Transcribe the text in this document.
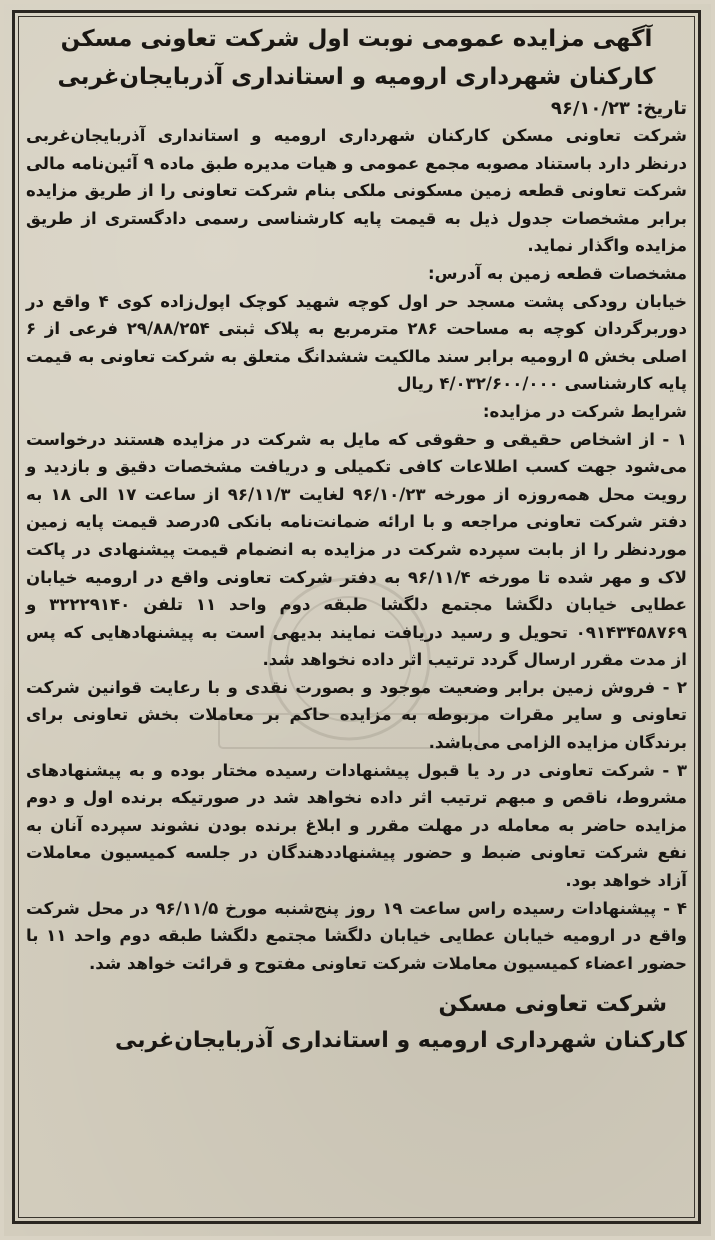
آگهی مزایده عمومی نوبت اول شرکت تعاونی مسکن

کارکنان شهرداری ارومیه و استانداری آذربایجان‌غربی

تاریخ: ۹۶/۱۰/۲۳

شرکت تعاونی مسکن کارکنان شهرداری ارومیه و استانداری آذربایجان‌غربی درنظر دارد باستناد مصوبه مجمع عمومی و هیات مدیره طبق ماده ۹ آئین‌نامه مالی شرکت تعاونی قطعه زمین مسکونی ملکی بنام شرکت تعاونی را از طریق مزایده برابر مشخصات جدول ذیل به قیمت پایه کارشناسی رسمی دادگستری از طریق مزایده واگذار نماید.

مشخصات قطعه زمین به آدرس:

خیابان رودکی پشت مسجد حر اول کوچه شهید کوچک اپول‌زاده کوی ۴ واقع در دوربرگردان کوچه به مساحت ۲۸۶ مترمربع به پلاک ثبتی ۲۹/۸۸/۲۵۴ فرعی از ۶ اصلی بخش ۵ ارومیه برابر سند مالکیت ششدانگ متعلق به شرکت تعاونی به قیمت پایه کارشناسی ۴/۰۳۲/۶۰۰/۰۰۰ ریال

شرایط شرکت در مزایده:

۱ - از اشخاص حقیقی و حقوقی که مایل به شرکت در مزایده هستند درخواست می‌شود جهت کسب اطلاعات کافی تکمیلی و دریافت مشخصات دقیق و بازدید و رویت محل همه‌روزه از مورخه ۹۶/۱۰/۲۳ لغایت ۹۶/۱۱/۳ از ساعت ۱۷ الی ۱۸ به دفتر شرکت تعاونی مراجعه و با ارائه ضمانت‌نامه بانکی ۵درصد قیمت پایه زمین موردنظر را از بابت سپرده شرکت در مزایده به انضمام قیمت پیشنهادی در پاکت لاک و مهر شده تا مورخه ۹۶/۱۱/۴ به دفتر شرکت تعاونی واقع در ارومیه خیابان عطایی خیابان دلگشا مجتمع دلگشا طبقه دوم واحد ۱۱ تلفن ۳۲۲۲۹۱۴۰ و ۰۹۱۴۳۴۵۸۷۶۹ تحویل و رسید دریافت نمایند بدیهی است به پیشنهادهایی که پس از مدت مقرر ارسال گردد ترتیب اثر داده نخواهد شد.

۲ - فروش زمین برابر وضعیت موجود و بصورت نقدی و با رعایت قوانین شرکت تعاونی و سایر مقرات مربوطه به مزایده حاکم بر معاملات بخش تعاونی برای برندگان مزایده الزامی می‌باشد.

۳ - شرکت تعاونی در رد یا قبول پیشنهادات رسیده مختار بوده و به پیشنهادهای مشروط، ناقص و مبهم ترتیب اثر داده نخواهد شد در صورتیکه برنده اول و دوم مزایده حاضر به معامله در مهلت مقرر و ابلاغ برنده بودن نشوند سپرده آنان به نفع شرکت تعاونی ضبط و حضور پیشنهاددهندگان در جلسه کمیسیون معاملات آزاد خواهد بود.

۴ - پیشنهادات رسیده راس ساعت ۱۹ روز پنج‌شنبه مورخ ۹۶/۱۱/۵ در محل شرکت واقع در ارومیه خیابان عطایی خیابان دلگشا مجتمع دلگشا طبقه دوم واحد ۱۱ با حضور اعضاء کمیسیون معاملات شرکت تعاونی مفتوح و قرائت خواهد شد.

شرکت تعاونی مسکن

کارکنان شهرداری ارومیه و استانداری آذربایجان‌غربی
